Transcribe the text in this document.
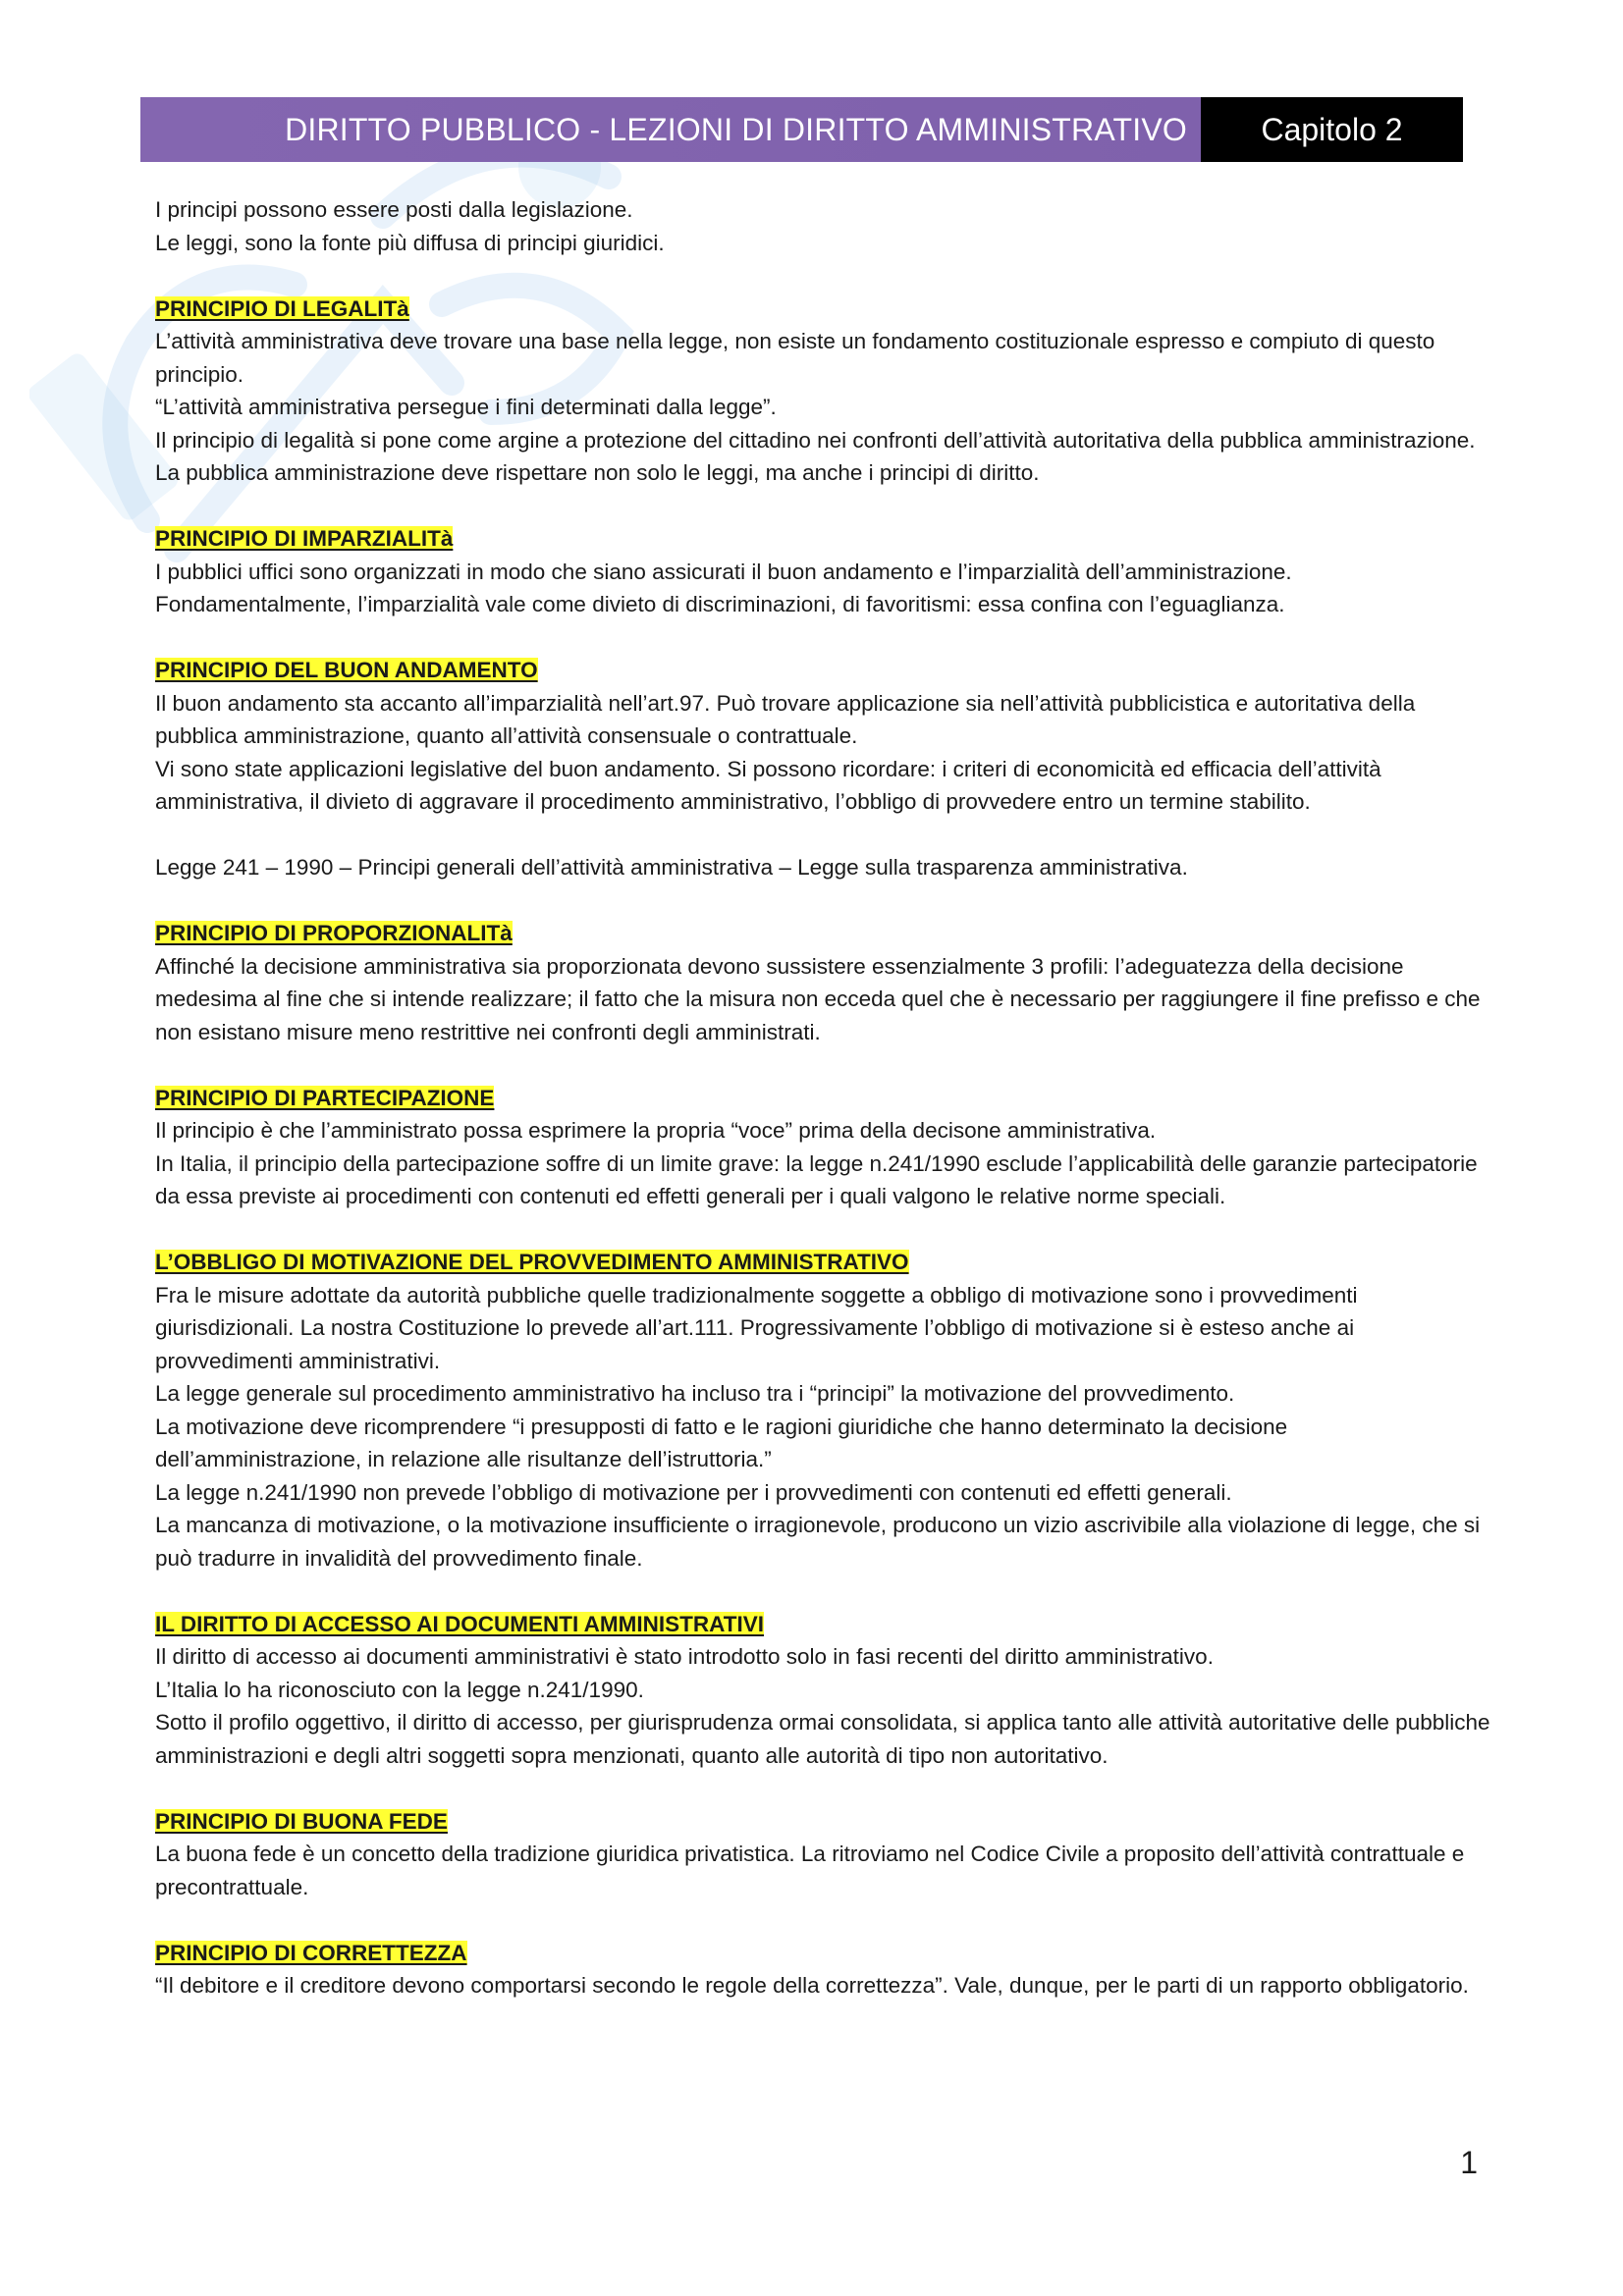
DIRITTO PUBBLICO - LEZIONI DI DIRITTO AMMINISTRATIVO	Capitolo 2

I principi possono essere posti dalla legislazione.

Le leggi, sono la fonte più diffusa di principi giuridici.

PRINCIPIO DI LEGALITà

L’attività amministrativa deve trovare una base nella legge, non esiste un fondamento costituzionale espresso e compiuto di questo principio.

“L’attività amministrativa persegue i fini determinati dalla legge”.

Il principio di legalità si pone come argine a protezione del cittadino nei confronti dell’attività autoritativa della pubblica amministrazione.

La pubblica amministrazione deve rispettare non solo le leggi, ma anche i principi di diritto.

PRINCIPIO DI IMPARZIALITà

I pubblici uffici sono organizzati in modo che siano assicurati il buon andamento e l’imparzialità dell’amministrazione.

Fondamentalmente, l’imparzialità vale come divieto di discriminazioni, di favoritismi: essa confina con l’eguaglianza.

PRINCIPIO DEL BUON ANDAMENTO

Il buon andamento sta accanto all’imparzialità nell’art.97. Può trovare applicazione sia nell’attività pubblicistica e autoritativa della pubblica amministrazione, quanto all’attività consensuale o contrattuale.

Vi sono state applicazioni legislative del buon andamento. Si possono ricordare: i criteri di economicità ed efficacia dell’attività amministrativa, il divieto di aggravare il procedimento amministrativo, l’obbligo di provvedere entro un termine stabilito.

Legge 241 – 1990 – Principi generali dell’attività amministrativa – Legge sulla trasparenza amministrativa.

PRINCIPIO DI PROPORZIONALITà

Affinché la decisione amministrativa sia proporzionata devono sussistere essenzialmente 3 profili: l’adeguatezza della decisione medesima al fine che si intende realizzare; il fatto che la misura non ecceda quel che è necessario per raggiungere il fine prefisso e che non esistano misure meno restrittive nei confronti degli amministrati.

PRINCIPIO DI PARTECIPAZIONE

Il principio è che l’amministrato possa esprimere la propria “voce” prima della decisone amministrativa.

In Italia, il principio della partecipazione soffre di un limite grave: la legge n.241/1990 esclude l’applicabilità delle garanzie partecipatorie da essa previste ai procedimenti con contenuti ed effetti generali per i quali valgono le relative norme speciali.

L’OBBLIGO DI MOTIVAZIONE DEL PROVVEDIMENTO AMMINISTRATIVO

Fra le misure adottate da autorità pubbliche quelle tradizionalmente soggette a obbligo di motivazione sono i provvedimenti giurisdizionali. La nostra Costituzione lo prevede all’art.111. Progressivamente l’obbligo di motivazione si è esteso anche ai provvedimenti amministrativi.

La legge generale sul procedimento amministrativo ha incluso tra i “principi” la motivazione del provvedimento.

La motivazione deve ricomprendere “i presupposti di fatto e le ragioni giuridiche che hanno determinato la decisione dell’amministrazione, in relazione alle risultanze dell’istruttoria.”

La legge n.241/1990 non prevede l’obbligo di motivazione per i provvedimenti con contenuti ed effetti generali.

La mancanza di motivazione, o la motivazione insufficiente o irragionevole, producono un vizio ascrivibile alla violazione di legge, che si può tradurre in invalidità del provvedimento finale.

IL DIRITTO DI ACCESSO AI DOCUMENTI AMMINISTRATIVI

Il diritto di accesso ai documenti amministrativi è stato introdotto solo in fasi recenti del diritto amministrativo.

L’Italia lo ha riconosciuto con la legge n.241/1990.

Sotto il profilo oggettivo, il diritto di accesso, per giurisprudenza ormai consolidata, si applica tanto alle attività autoritative delle pubbliche amministrazioni e degli altri soggetti sopra menzionati, quanto alle autorità di tipo non autoritativo.

PRINCIPIO DI BUONA FEDE

La buona fede è un concetto della tradizione giuridica privatistica. La ritroviamo nel Codice Civile a proposito dell’attività contrattuale e precontrattuale.

PRINCIPIO DI CORRETTEZZA

“Il debitore e il creditore devono comportarsi secondo le regole della correttezza”. Vale, dunque, per le parti di un rapporto obbligatorio.

1
